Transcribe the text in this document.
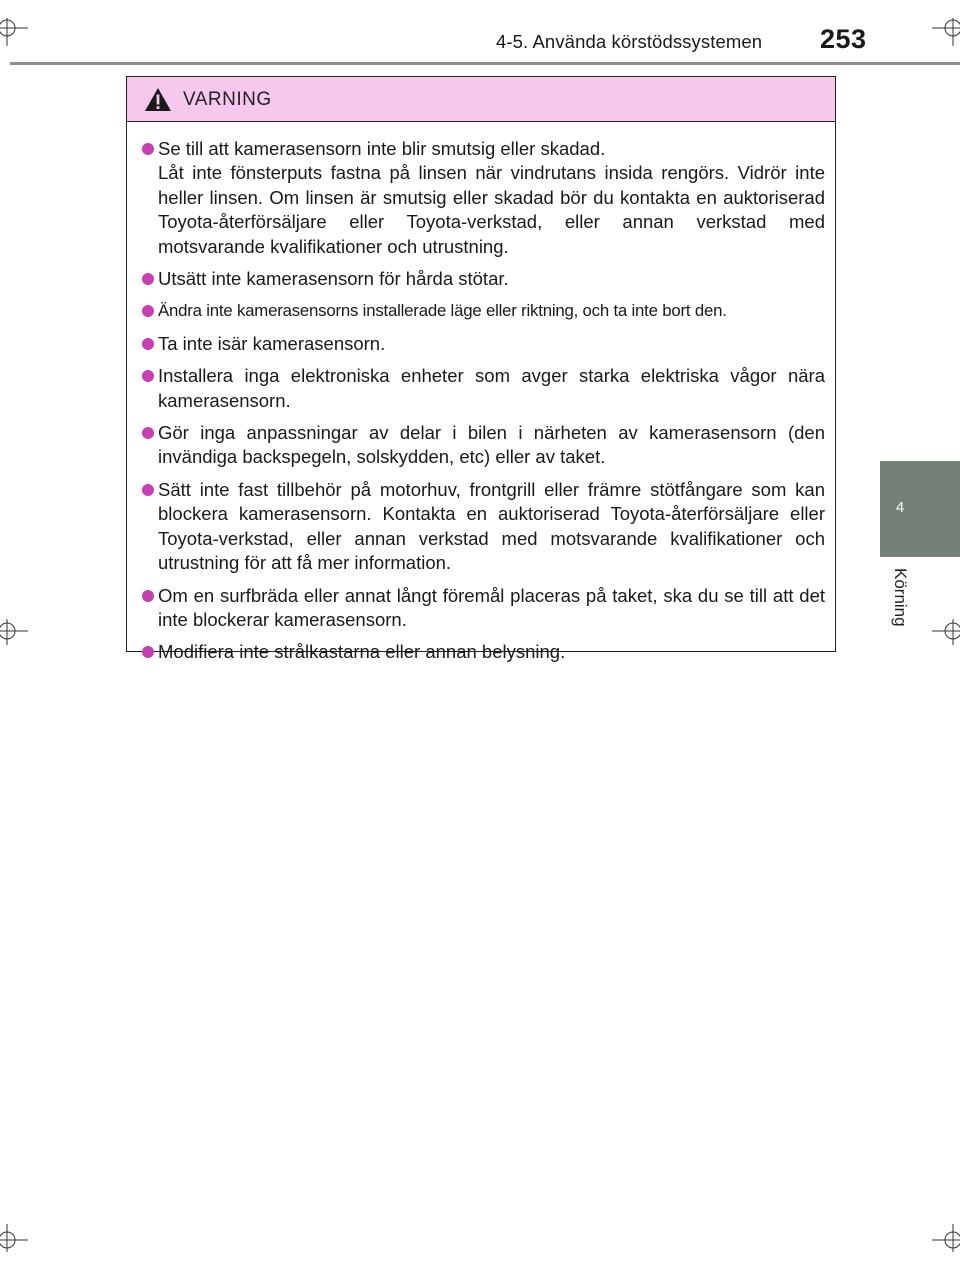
4-5. Använda körstödssystemen	253
4
Körning
VARNING
Se till att kamerasensorn inte blir smutsig eller skadad.
Låt inte fönsterputs fastna på linsen när vindrutans insida rengörs. Vidrör inte heller linsen. Om linsen är smutsig eller skadad bör du kontakta en auktoriserad Toyota-återförsäljare eller Toyota-verkstad, eller annan verkstad med motsvarande kvalifikationer och utrustning.
Utsätt inte kamerasensorn för hårda stötar.
Ändra inte kamerasensorns installerade läge eller riktning, och ta inte bort den.
Ta inte isär kamerasensorn.
Installera inga elektroniska enheter som avger starka elektriska vågor nära kamerasensorn.
Gör inga anpassningar av delar i bilen i närheten av kamerasensorn (den invändiga backspegeln, solskydden, etc) eller av taket.
Sätt inte fast tillbehör på motorhuv, frontgrill eller främre stötfångare som kan blockera kamerasensorn. Kontakta en auktoriserad Toyota-återförsäljare eller Toyota-verkstad, eller annan verkstad med motsvarande kvalifikationer och utrustning för att få mer information.
Om en surfbräda eller annat långt föremål placeras på taket, ska du se till att det inte blockerar kamerasensorn.
Modifiera inte strålkastarna eller annan belysning.
